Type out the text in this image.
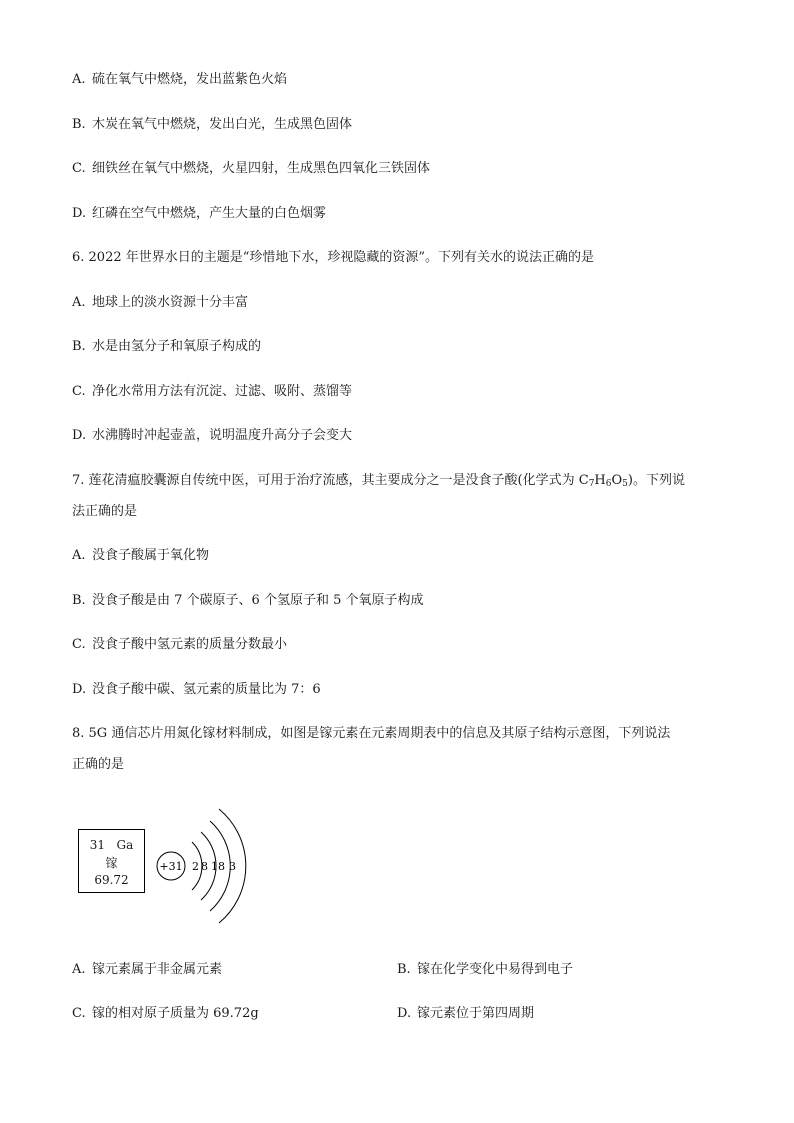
A. 硫在氧气中燃烧，发出蓝紫色火焰
B. 木炭在氧气中燃烧，发出白光，生成黑色固体
C. 细铁丝在氧气中燃烧，火星四射，生成黑色四氧化三铁固体
D. 红磷在空气中燃烧，产生大量的白色烟雾
6. 2022 年世界水日的主题是“珍惜地下水，珍视隐藏的资源”。下列有关水的说法正确的是
A. 地球上的淡水资源十分丰富
B. 水是由氢分子和氧原子构成的
C. 净化水常用方法有沉淀、过滤、吸附、蒸馏等
D. 水沸腾时冲起壶盖，说明温度升高分子会变大
7. 莲花清瘟胶囊源自传统中医，可用于治疗流感，其主要成分之一是没食子酸(化学式为 $C_7H_6O_5$)。下列说
法正确的是
A. 没食子酸属于氧化物
B. 没食子酸是由 7 个碳原子、6 个氢原子和 5 个氧原子构成
C. 没食子酸中氢元素的质量分数最小
D. 没食子酸中碳、氢元素的质量比为 7：6
8. 5G 通信芯片用氮化镓材料制成，如图是镓元素在元素周期表中的信息及其原子结构示意图，下列说法
正确的是
31 Ga
镓
69.72
+31 2 8 18 3
A. 镓元素属于非金属元素	B. 镓在化学变化中易得到电子
C. 镓的相对原子质量为 69.72g	D. 镓元素位于第四周期
